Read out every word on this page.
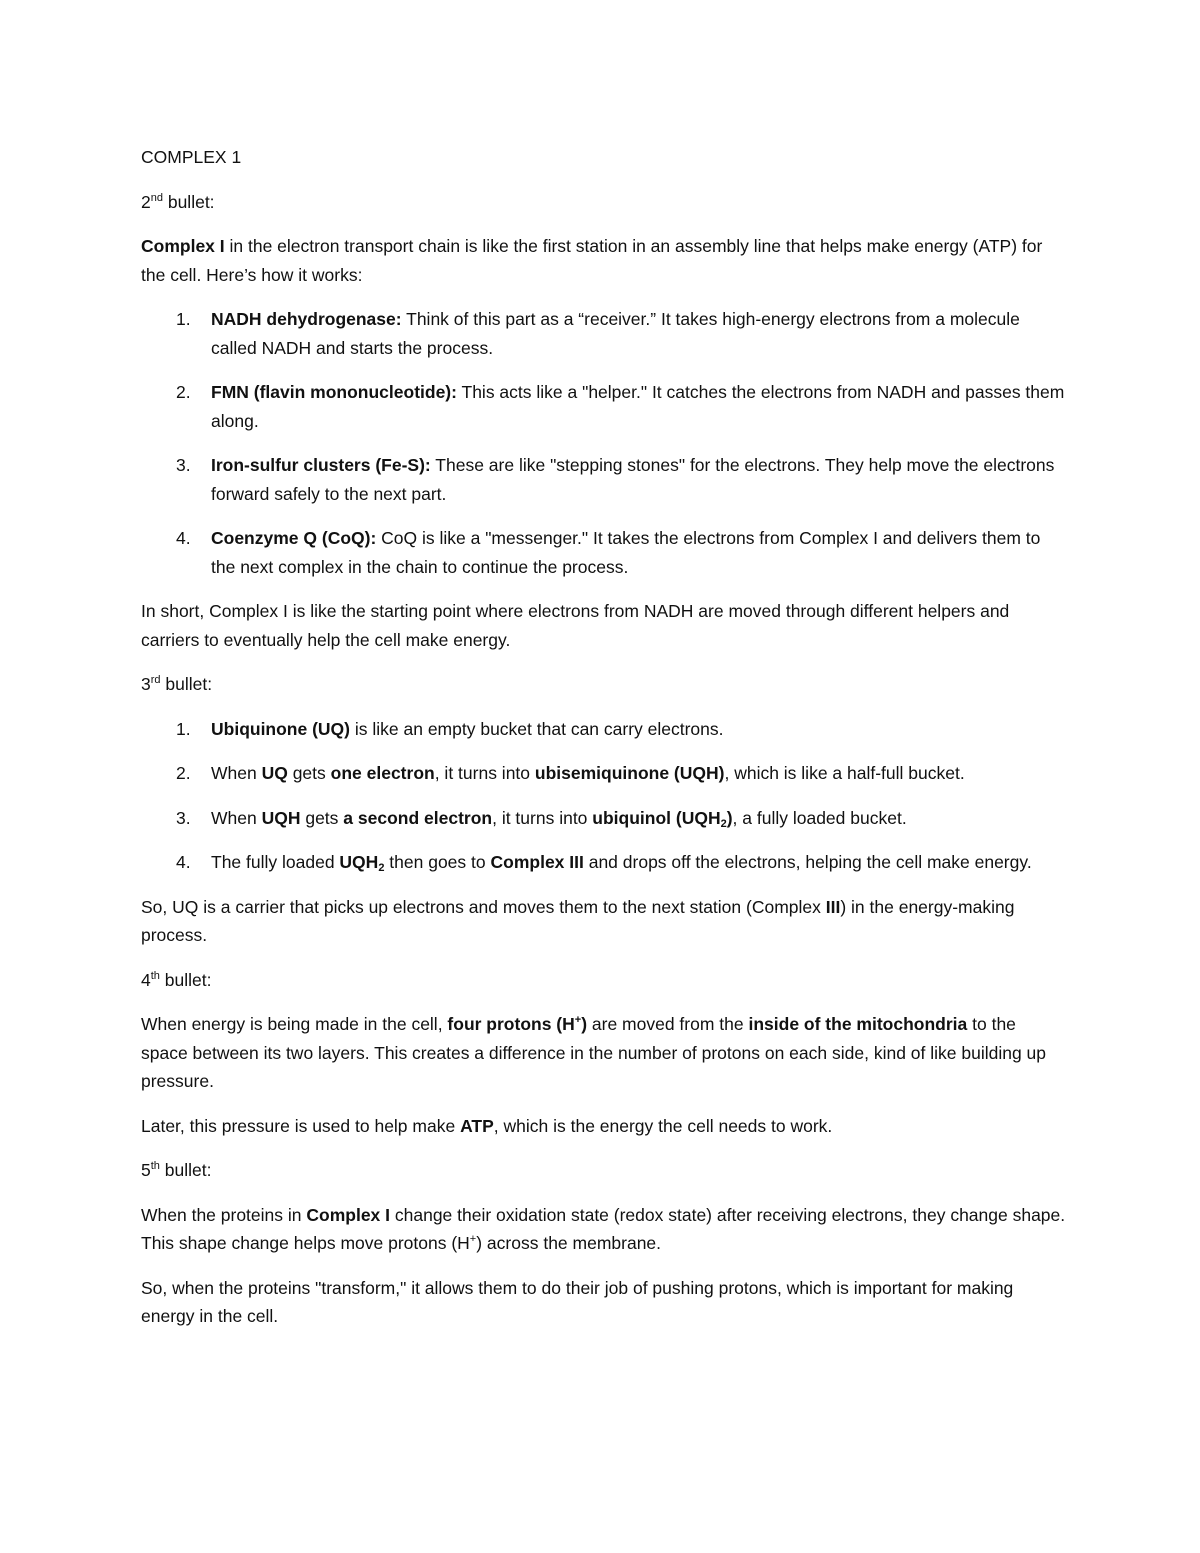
COMPLEX 1

2nd bullet:

Complex I in the electron transport chain is like the first station in an assembly line that helps make energy (ATP) for the cell. Here’s how it works:

1. NADH dehydrogenase: Think of this part as a “receiver.” It takes high-energy electrons from a molecule called NADH and starts the process.
2. FMN (flavin mononucleotide): This acts like a "helper." It catches the electrons from NADH and passes them along.
3. Iron-sulfur clusters (Fe-S): These are like "stepping stones" for the electrons. They help move the electrons forward safely to the next part.
4. Coenzyme Q (CoQ): CoQ is like a "messenger." It takes the electrons from Complex I and delivers them to the next complex in the chain to continue the process.

In short, Complex I is like the starting point where electrons from NADH are moved through different helpers and carriers to eventually help the cell make energy.

3rd bullet:

1. Ubiquinone (UQ) is like an empty bucket that can carry electrons.
2. When UQ gets one electron, it turns into ubisemiquinone (UQH), which is like a half-full bucket.
3. When UQH gets a second electron, it turns into ubiquinol $(UQH_2)$, a fully loaded bucket.
4. The fully loaded $UQH_2$ then goes to Complex III and drops off the electrons, helping the cell make energy.

So, UQ is a carrier that picks up electrons and moves them to the next station (Complex III) in the energy-making process.

4th bullet:

When energy is being made in the cell, four protons (H+) are moved from the inside of the mitochondria to the space between its two layers. This creates a difference in the number of protons on each side, kind of like building up pressure.

Later, this pressure is used to help make ATP, which is the energy the cell needs to work.

5th bullet:

When the proteins in Complex I change their oxidation state (redox state) after receiving electrons, they change shape. This shape change helps move protons (H+) across the membrane.

So, when the proteins "transform," it allows them to do their job of pushing protons, which is important for making energy in the cell.
